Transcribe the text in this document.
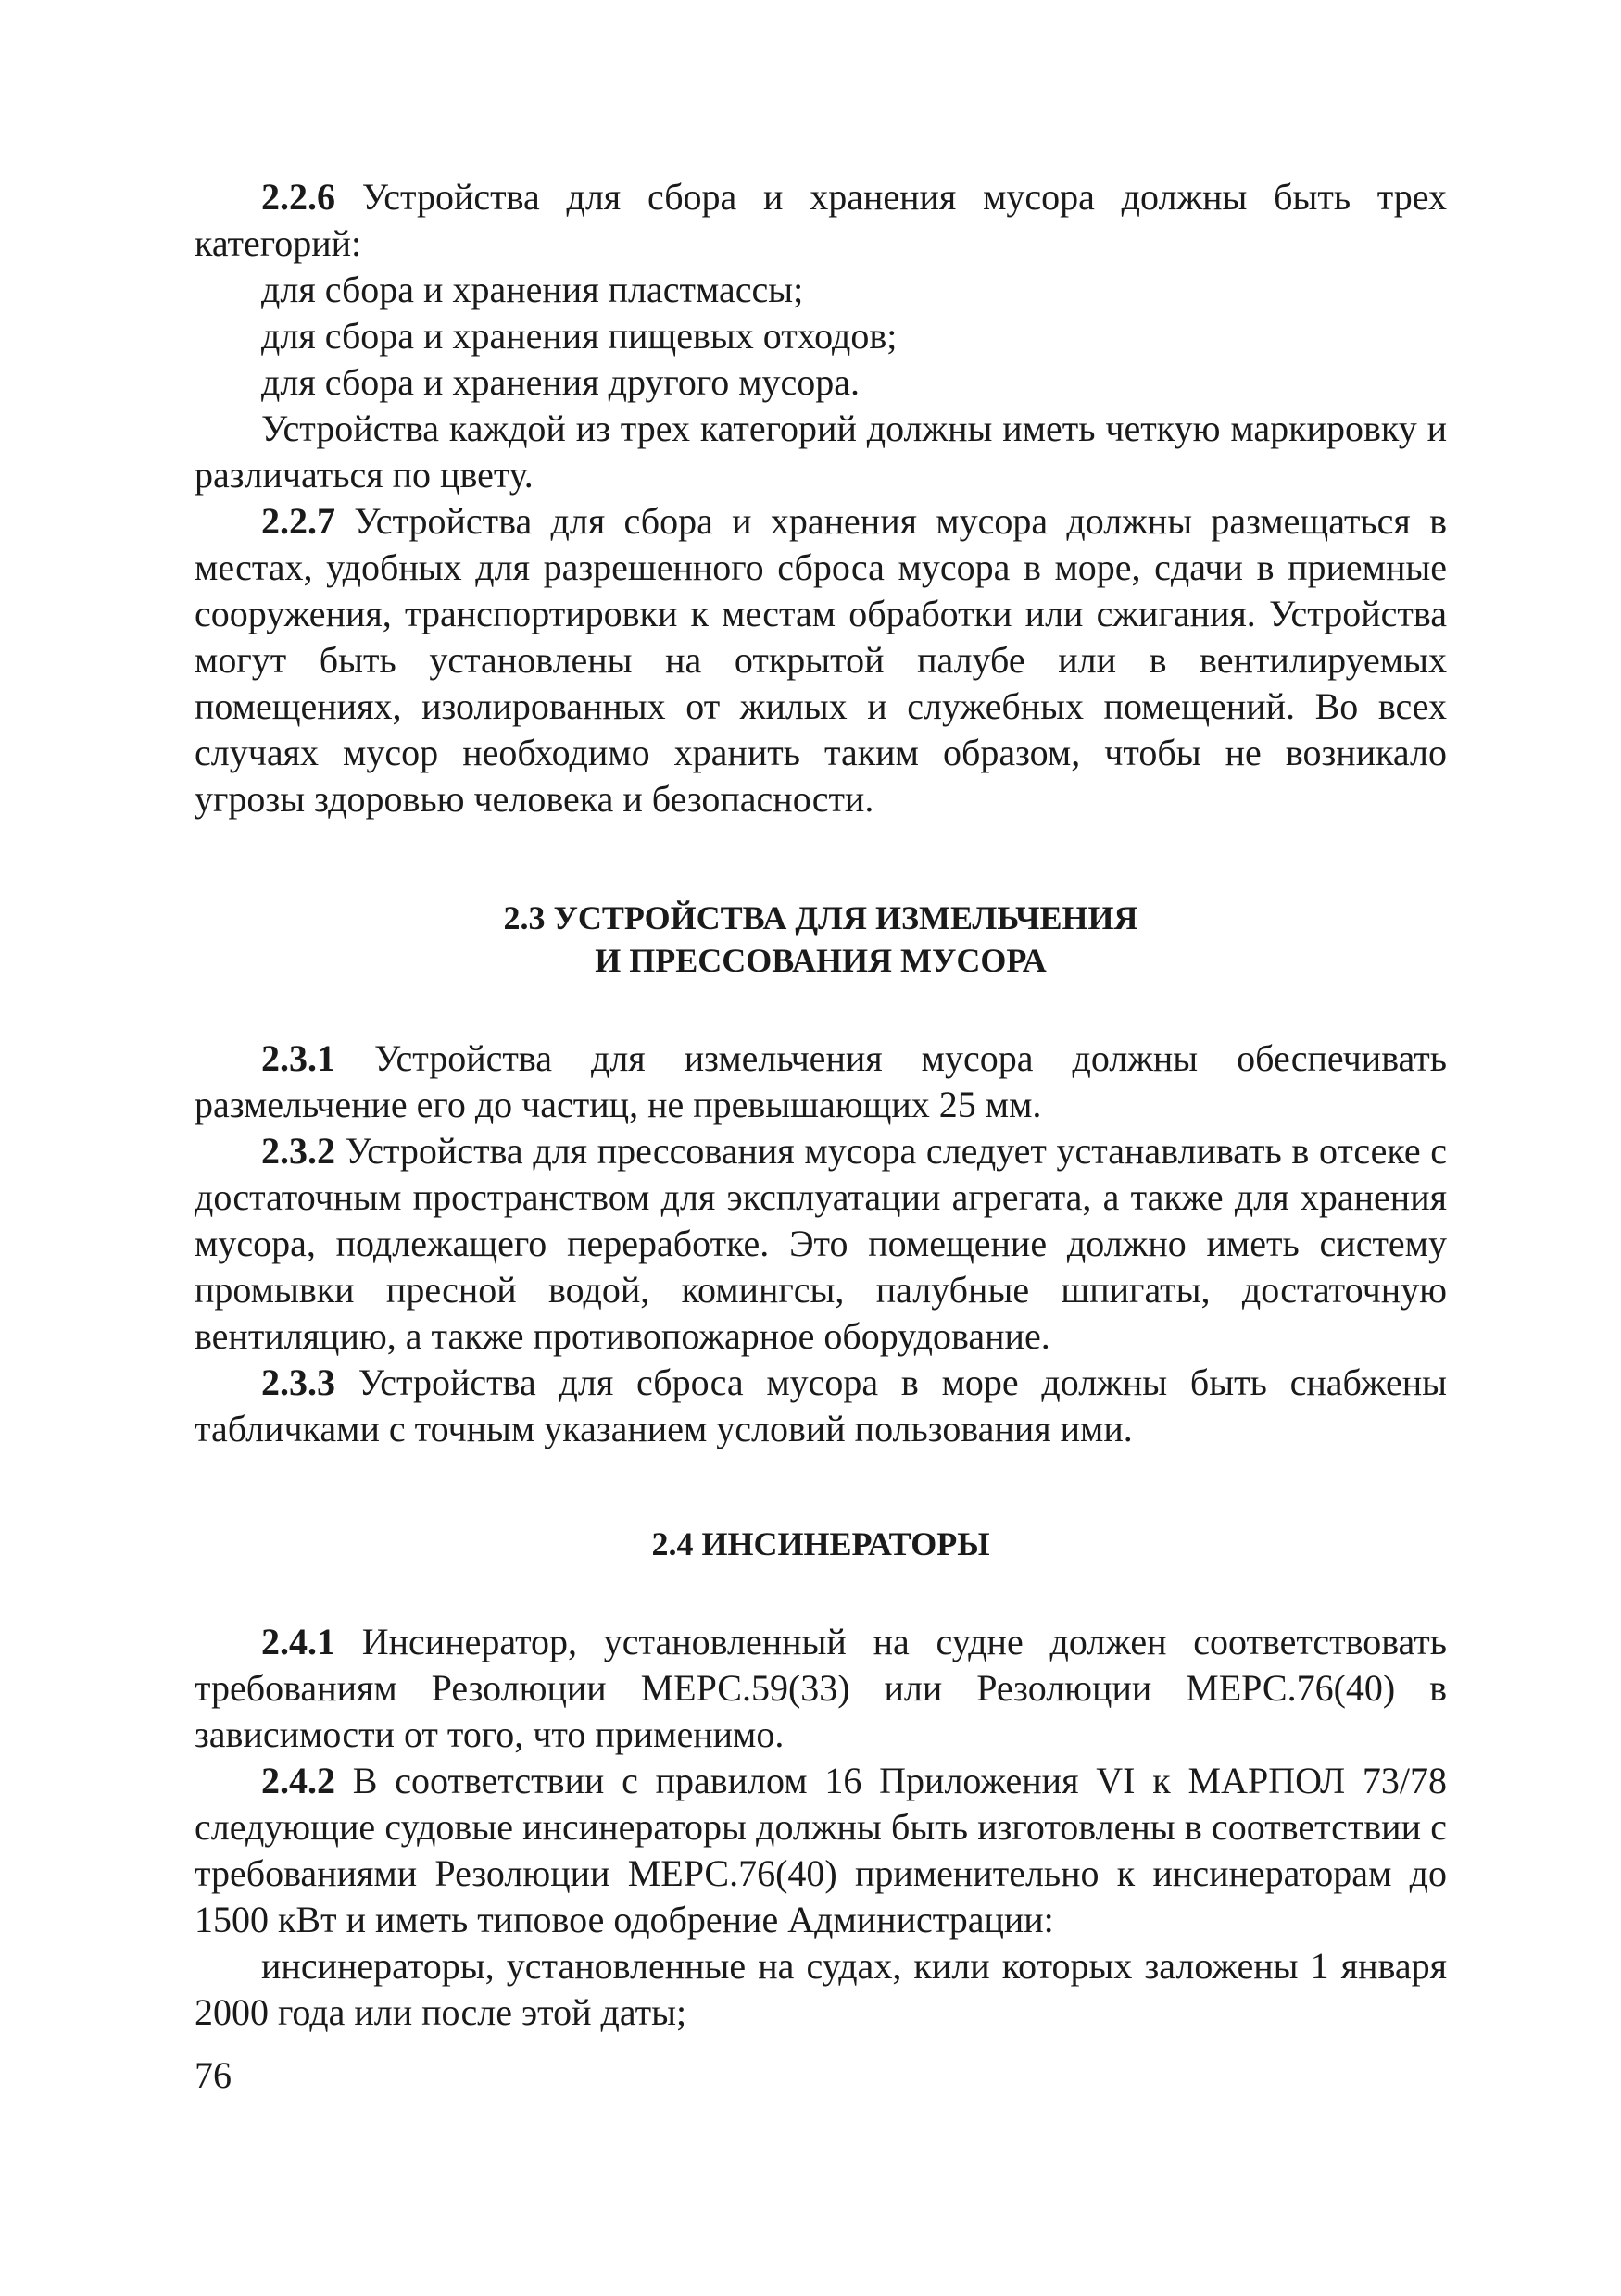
2.2.6 Устройства для сбора и хранения мусора должны быть трех категорий:

для сбора и хранения пластмассы;

для сбора и хранения пищевых отходов;

для сбора и хранения другого мусора.

Устройства каждой из трех категорий должны иметь четкую маркировку и различаться по цвету.

2.2.7 Устройства для сбора и хранения мусора должны размещаться в местах, удобных для разрешенного сброса мусора в море, сдачи в приемные сооружения, транспортировки к местам обработки или сжигания. Устройства могут быть установлены на открытой палубе или в вентилируемых помещениях, изолированных от жилых и служебных помещений. Во всех случаях мусор необходимо хранить таким образом, чтобы не возникало угрозы здоровью человека и безопасности.

2.3 УСТРОЙСТВА ДЛЯ ИЗМЕЛЬЧЕНИЯ
И ПРЕССОВАНИЯ МУСОРА

2.3.1 Устройства для измельчения мусора должны обеспечивать размельчение его до частиц, не превышающих 25 мм.

2.3.2 Устройства для прессования мусора следует устанавливать в отсеке с достаточным пространством для эксплуатации агрегата, а также для хранения мусора, подлежащего переработке. Это помещение должно иметь систему промывки пресной водой, комингсы, палубные шпигаты, достаточную вентиляцию, а также противопожарное оборудование.

2.3.3 Устройства для сброса мусора в море должны быть снабжены табличками с точным указанием условий пользования ими.

2.4 ИНСИНЕРАТОРЫ

2.4.1 Инсинератор, установленный на судне должен соответствовать требованиям Резолюции МЕРС.59(33) или Резолюции МЕРС.76(40) в зависимости от того, что применимо.

2.4.2 В соответствии с правилом 16 Приложения VI к МАРПОЛ 73/78 следующие судовые инсинераторы должны быть изготовлены в соответствии с требованиями Резолюции МЕРС.76(40) применительно к инсинераторам до 1500 кВт и иметь типовое одобрение Администрации:

инсинераторы, установленные на судах, кили которых заложены 1 января 2000 года или после этой даты;

76
